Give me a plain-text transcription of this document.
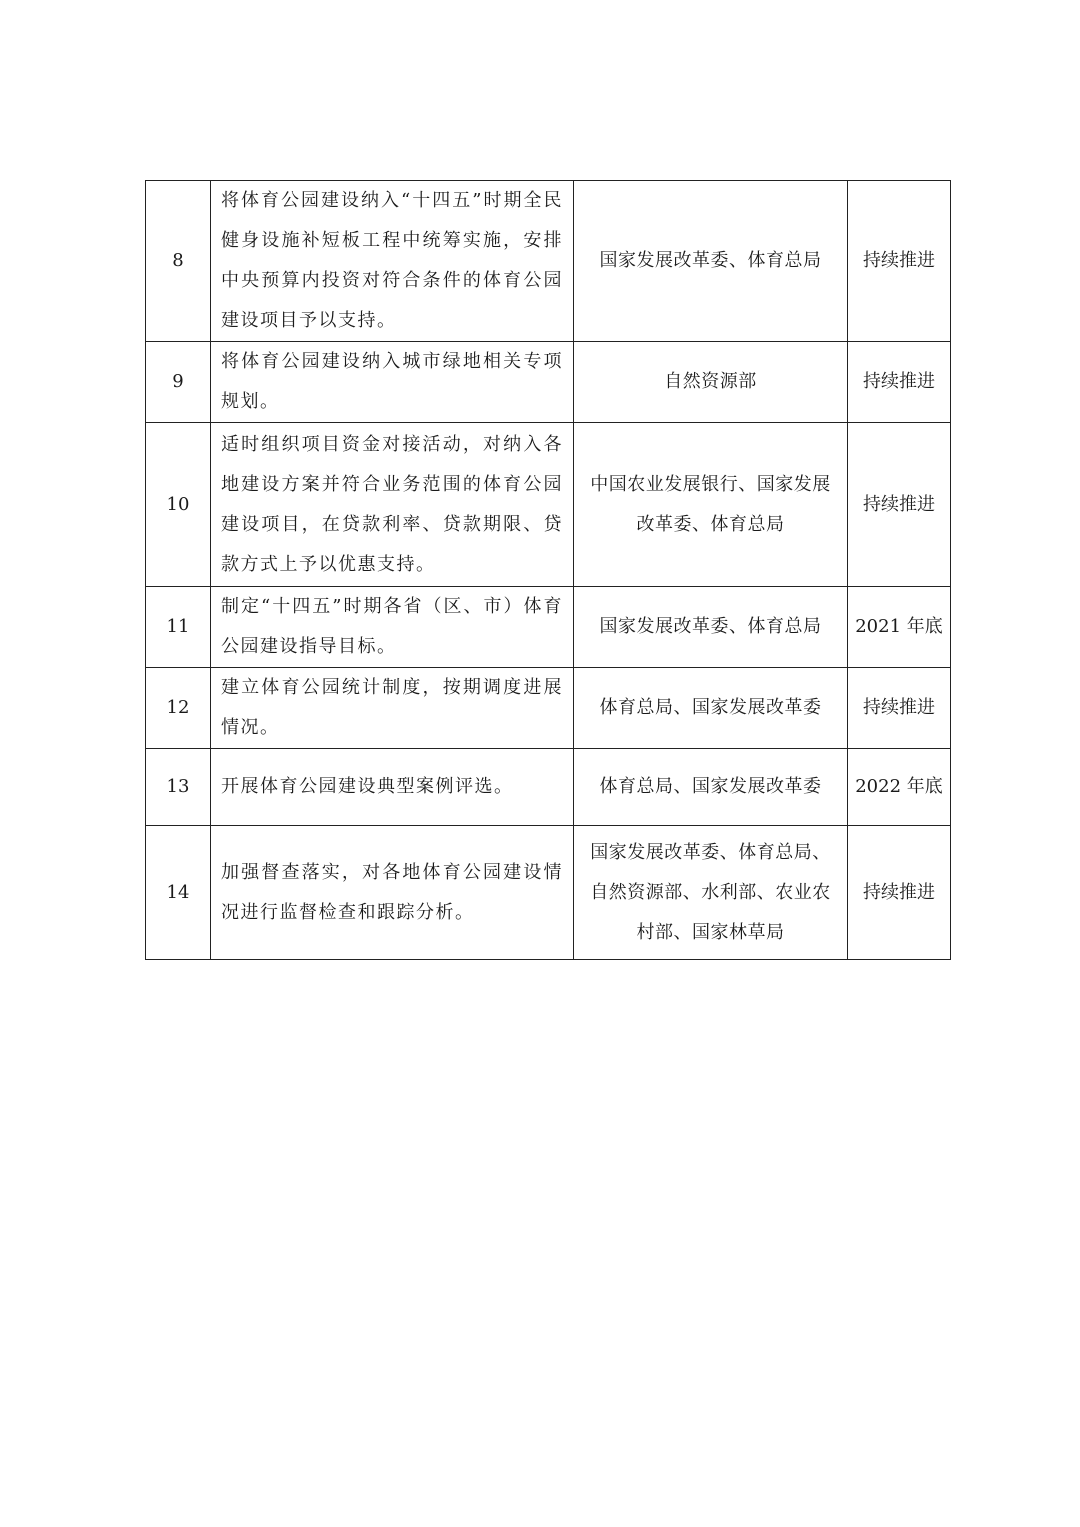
8	将体育公园建设纳入“十四五”时期全民健身设施补短板工程中统筹实施，安排中央预算内投资对符合条件的体育公园建设项目予以支持。	国家发展改革委、体育总局	持续推进
9	将体育公园建设纳入城市绿地相关专项规划。	自然资源部	持续推进
10	适时组织项目资金对接活动，对纳入各地建设方案并符合业务范围的体育公园建设项目，在贷款利率、贷款期限、贷款方式上予以优惠支持。	中国农业发展银行、国家发展改革委、体育总局	持续推进
11	制定“十四五”时期各省（区、市）体育公园建设指导目标。	国家发展改革委、体育总局	2021 年底
12	建立体育公园统计制度，按期调度进展情况。	体育总局、国家发展改革委	持续推进
13	开展体育公园建设典型案例评选。	体育总局、国家发展改革委	2022 年底
14	加强督查落实，对各地体育公园建设情况进行监督检查和跟踪分析。	国家发展改革委、体育总局、自然资源部、水利部、农业农村部、国家林草局	持续推进
